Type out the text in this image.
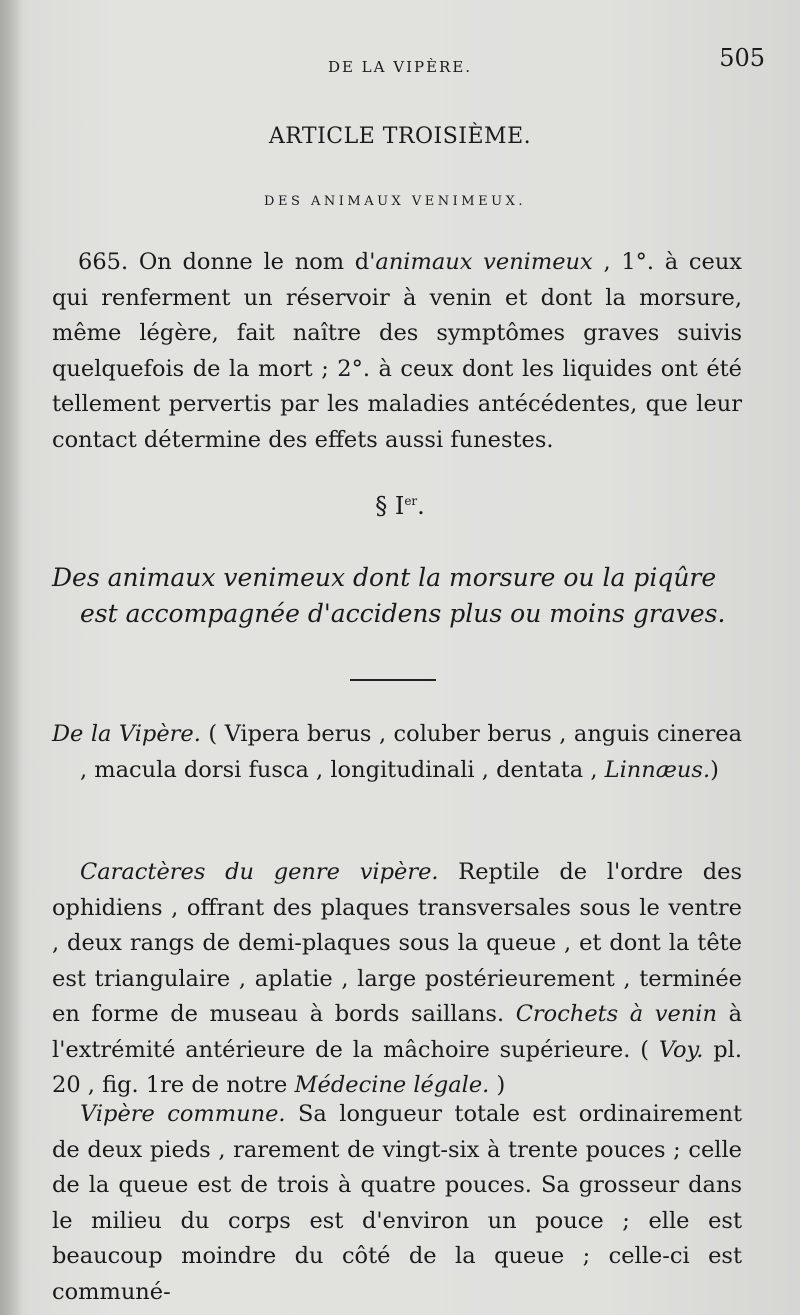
DE LA VIPÈRE.	505
ARTICLE TROISIÈME.
DES ANIMAUX VENIMEUX.
665. On donne le nom d'animaux venimeux , 1°. à ceux qui renferment un réservoir à venin et dont la morsure, même légère, fait naître des symptômes graves suivis quelquefois de la mort ; 2°. à ceux dont les liquides ont été tellement pervertis par les maladies antécédentes, que leur contact détermine des effets aussi funestes.
§ Ier.
Des animaux venimeux dont la morsure ou la piqûre est accompagnée d'accidens plus ou moins graves.
De la Vipère. ( Vipera berus , coluber berus , anguis cinerea , macula dorsi fusca , longitudinali , dentata , Linnæus.)
Caractères du genre vipère. Reptile de l'ordre des ophidiens , offrant des plaques transversales sous le ventre , deux rangs de demi-plaques sous la queue , et dont la tête est triangulaire , aplatie , large postérieurement , terminée en forme de museau à bords saillans. Crochets à venin à l'extrémité antérieure de la mâchoire supérieure. ( Voy. pl. 20 , fig. 1re de notre Médecine légale. )
Vipère commune. Sa longueur totale est ordinairement de deux pieds , rarement de vingt-six à trente pouces ; celle de la queue est de trois à quatre pouces. Sa grosseur dans le milieu du corps est d'environ un pouce ; elle est beaucoup moindre du côté de la queue ; celle-ci est communé-
